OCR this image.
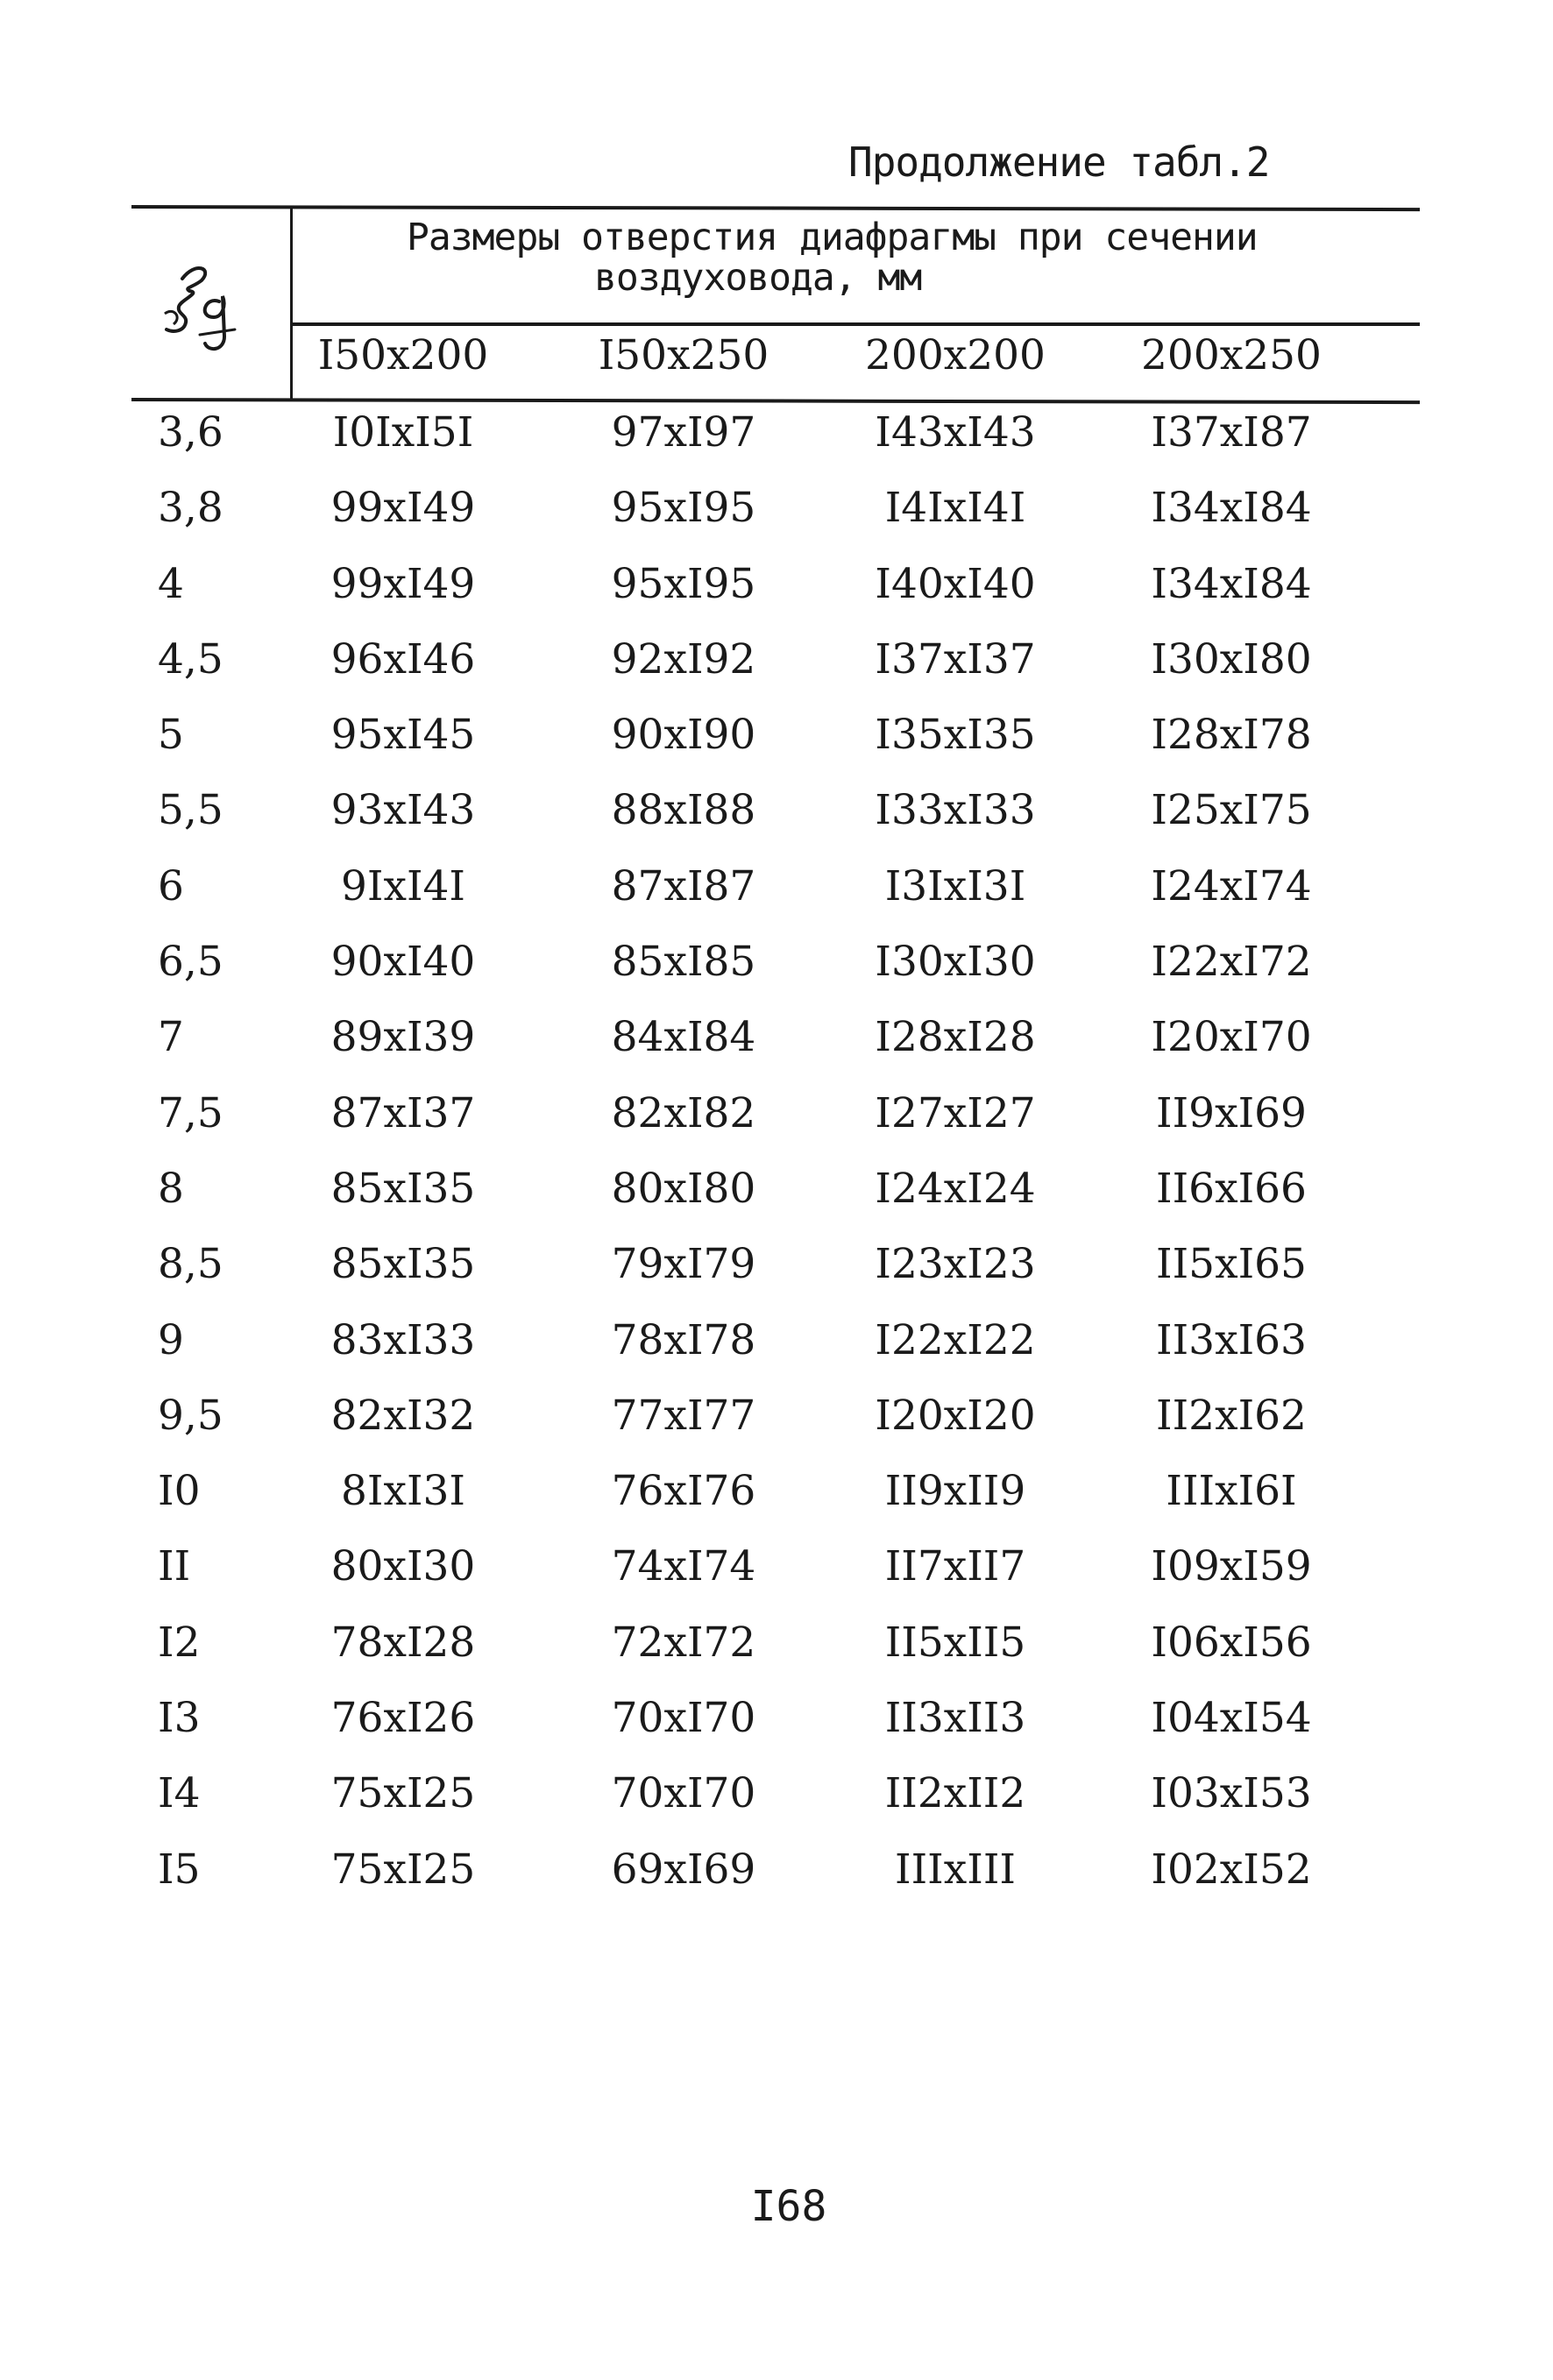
Продолжение табл.2
Размеры отверстия диафрагмы при сечении
воздуховода, мм
I50x200	I50x250	200x200	200x250
3,6	I0IxI5I	97xI97	I43xI43	I37xI87
3,8	99xI49	95xI95	I4IxI4I	I34xI84
4	99xI49	95xI95	I40xI40	I34xI84
4,5	96xI46	92xI92	I37xI37	I30xI80
5	95xI45	90xI90	I35xI35	I28xI78
5,5	93xI43	88xI88	I33xI33	I25xI75
6	9IxI4I	87xI87	I3IxI3I	I24xI74
6,5	90xI40	85xI85	I30xI30	I22xI72
7	89xI39	84xI84	I28xI28	I20xI70
7,5	87xI37	82xI82	I27xI27	II9xI69
8	85xI35	80xI80	I24xI24	II6xI66
8,5	85xI35	79xI79	I23xI23	II5xI65
9	83xI33	78xI78	I22xI22	II3xI63
9,5	82xI32	77xI77	I20xI20	II2xI62
I0	8IxI3I	76xI76	II9xII9	IIIxI6I
II	80xI30	74xI74	II7xII7	I09xI59
I2	78xI28	72xI72	II5xII5	I06xI56
I3	76xI26	70xI70	II3xII3	I04xI54
I4	75xI25	70xI70	II2xII2	I03xI53
I5	75xI25	69xI69	IIIxIII	I02xI52
I68
